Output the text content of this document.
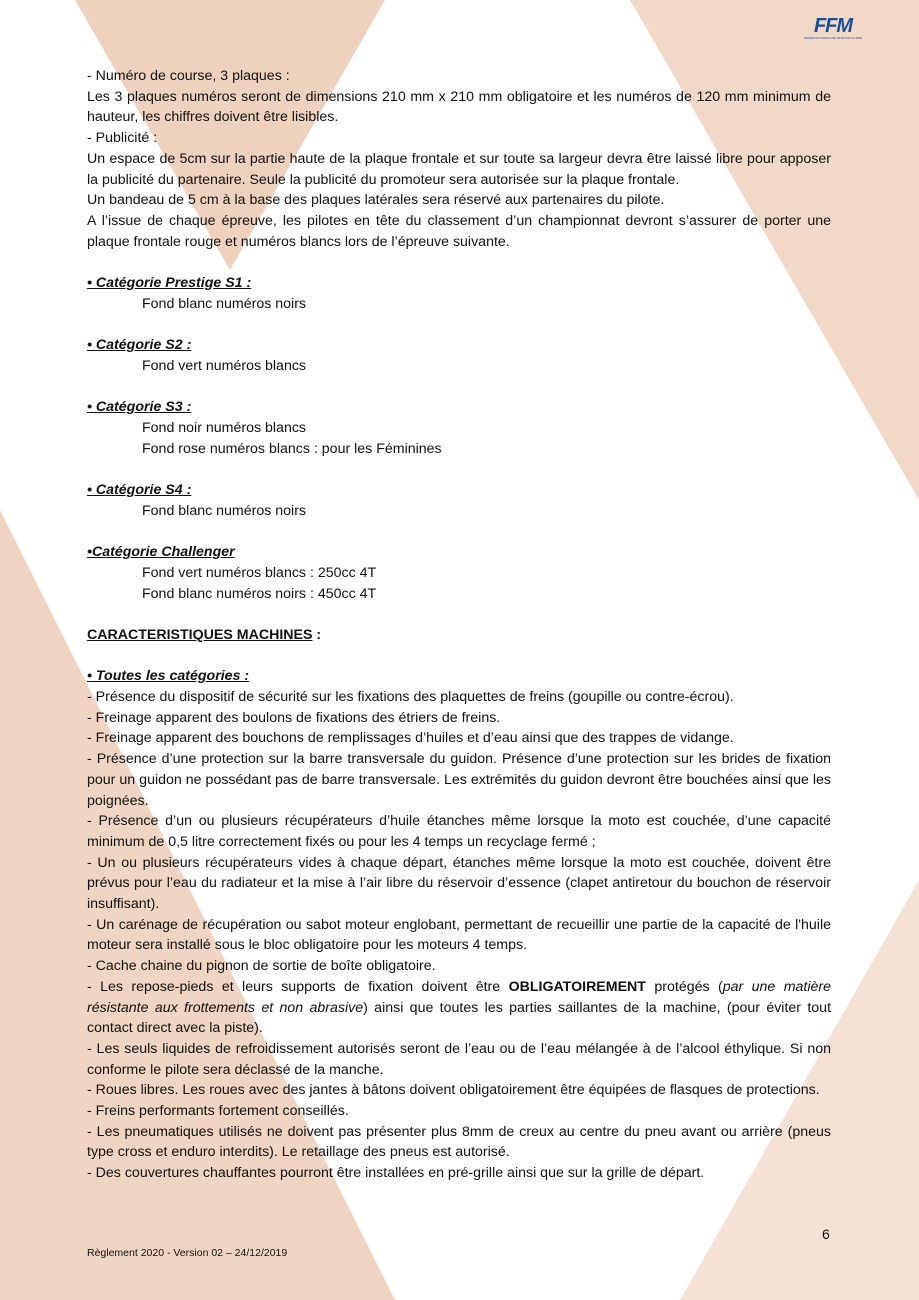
FFM
FÉDÉRATION FRANÇAISE DE MOTOCYCLISME

- Numéro de course, 3 plaques :

Les 3 plaques numéros seront de dimensions 210 mm x 210 mm obligatoire et les numéros de 120 mm minimum de hauteur, les chiffres doivent être lisibles.

- Publicité :

Un espace de 5cm sur la partie haute de la plaque frontale et sur toute sa largeur devra être laissé libre pour apposer la publicité du partenaire. Seule la publicité du promoteur sera autorisée sur la plaque frontale.

Un bandeau de 5 cm à la base des plaques latérales sera réservé aux partenaires du pilote.

A l’issue de chaque épreuve, les pilotes en tête du classement d’un championnat devront s’assurer de porter une plaque frontale rouge et numéros blancs lors de l’épreuve suivante.

• Catégorie Prestige S1 :

Fond blanc numéros noirs

• Catégorie S2 :

Fond vert numéros blancs

• Catégorie S3 :

Fond noir numéros blancs

Fond rose numéros blancs : pour les Féminines

• Catégorie S4 :

Fond blanc numéros noirs

•Catégorie Challenger

Fond vert numéros blancs : 250cc 4T

Fond blanc numéros noirs : 450cc 4T

CARACTERISTIQUES MACHINES :

• Toutes les catégories :

- Présence du dispositif de sécurité sur les fixations des plaquettes de freins (goupille ou contre-écrou).

- Freinage apparent des boulons de fixations des étriers de freins.

- Freinage apparent des bouchons de remplissages d’huiles et d’eau ainsi que des trappes de vidange.

- Présence d’une protection sur la barre transversale du guidon. Présence d’une protection sur les brides de fixation pour un guidon ne possédant pas de barre transversale. Les extrémités du guidon devront être bouchées ainsi que les poignées.

- Présence d’un ou plusieurs récupérateurs d’huile étanches même lorsque la moto est couchée, d’une capacité minimum de 0,5 litre correctement fixés ou pour les 4 temps un recyclage fermé ;

- Un ou plusieurs récupérateurs vides à chaque départ, étanches même lorsque la moto est couchée, doivent être prévus pour l’eau du radiateur et la mise à l’air libre du réservoir d’essence (clapet antiretour du bouchon de réservoir insuffisant).

- Un carénage de récupération ou sabot moteur englobant, permettant de recueillir une partie de la capacité de l'huile moteur sera installé sous le bloc obligatoire pour les moteurs 4 temps.

- Cache chaine du pignon de sortie de boîte obligatoire.

- Les repose-pieds et leurs supports de fixation doivent être OBLIGATOIREMENT protégés (par une matière résistante aux frottements et non abrasive) ainsi que toutes les parties saillantes de la machine, (pour éviter tout contact direct avec la piste).

- Les seuls liquides de refroidissement autorisés seront de l’eau ou de l’eau mélangée à de l’alcool éthylique. Si non conforme le pilote sera déclassé de la manche.

- Roues libres. Les roues avec des jantes à bâtons doivent obligatoirement être équipées de flasques de protections.

- Freins performants fortement conseillés.

- Les pneumatiques utilisés ne doivent pas présenter plus 8mm de creux au centre du pneu avant ou arrière (pneus type cross et enduro interdits). Le retaillage des pneus est autorisé.

- Des couvertures chauffantes pourront être installées en pré-grille ainsi que sur la grille de départ.

6
Règlement 2020 - Version 02 – 24/12/2019
